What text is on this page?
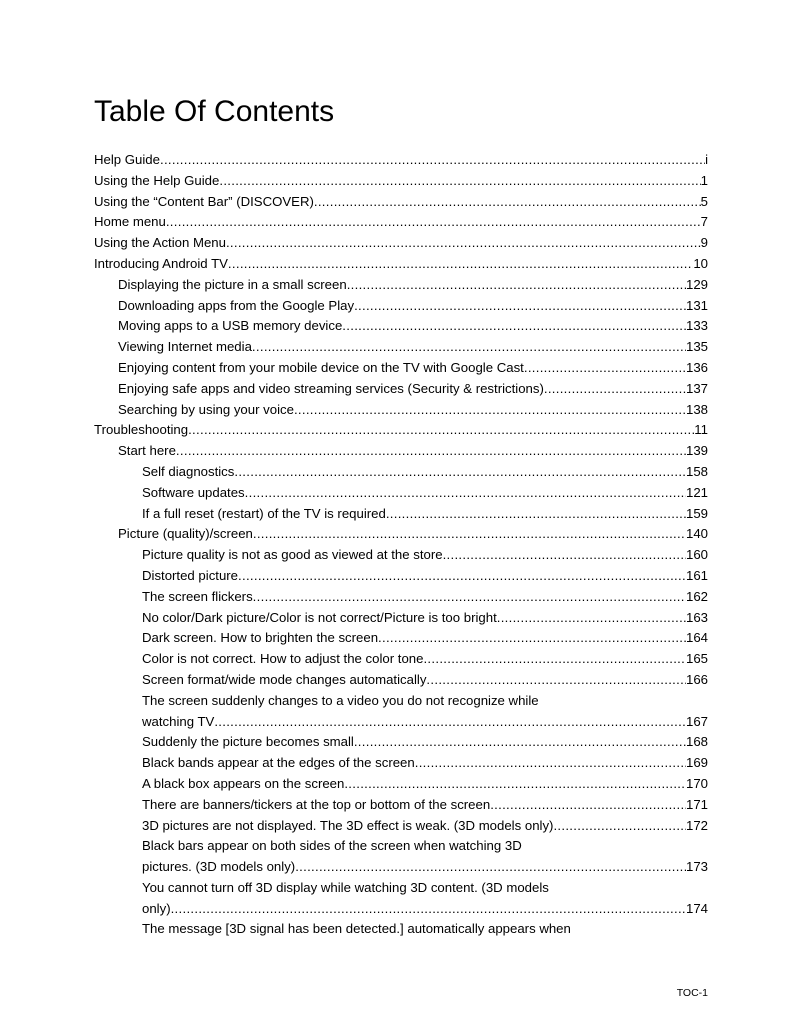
Table Of Contents
Help Guide .....	i
Using the Help Guide .....	1
Using the “Content Bar” (DISCOVER) .....	5
Home menu .....	7
Using the Action Menu .....	9
Introducing Android TV .....	10
Displaying the picture in a small screen .....	129
Downloading apps from the Google Play .....	131
Moving apps to a USB memory device .....	133
Viewing Internet media .....	135
Enjoying content from your mobile device on the TV with Google Cast .....	136
Enjoying safe apps and video streaming services (Security & restrictions) .....	137
Searching by using your voice .....	138
Troubleshooting .....	11
Start here .....	139
Self diagnostics .....	158
Software updates .....	121
If a full reset (restart) of the TV is required .....	159
Picture (quality)/screen .....	140
Picture quality is not as good as viewed at the store .....	160
Distorted picture .....	161
The screen flickers .....	162
No color/Dark picture/Color is not correct/Picture is too bright .....	163
Dark screen. How to brighten the screen .....	164
Color is not correct. How to adjust the color tone .....	165
Screen format/wide mode changes automatically .....	166
The screen suddenly changes to a video you do not recognize while
watching TV .....	167
Suddenly the picture becomes small .....	168
Black bands appear at the edges of the screen .....	169
A black box appears on the screen .....	170
There are banners/tickers at the top or bottom of the screen .....	171
3D pictures are not displayed. The 3D effect is weak. (3D models only) .....	172
Black bars appear on both sides of the screen when watching 3D
pictures. (3D models only) .....	173
You cannot turn off 3D display while watching 3D content. (3D models
only) .....	174
The message [3D signal has been detected.] automatically appears when
TOC-1
